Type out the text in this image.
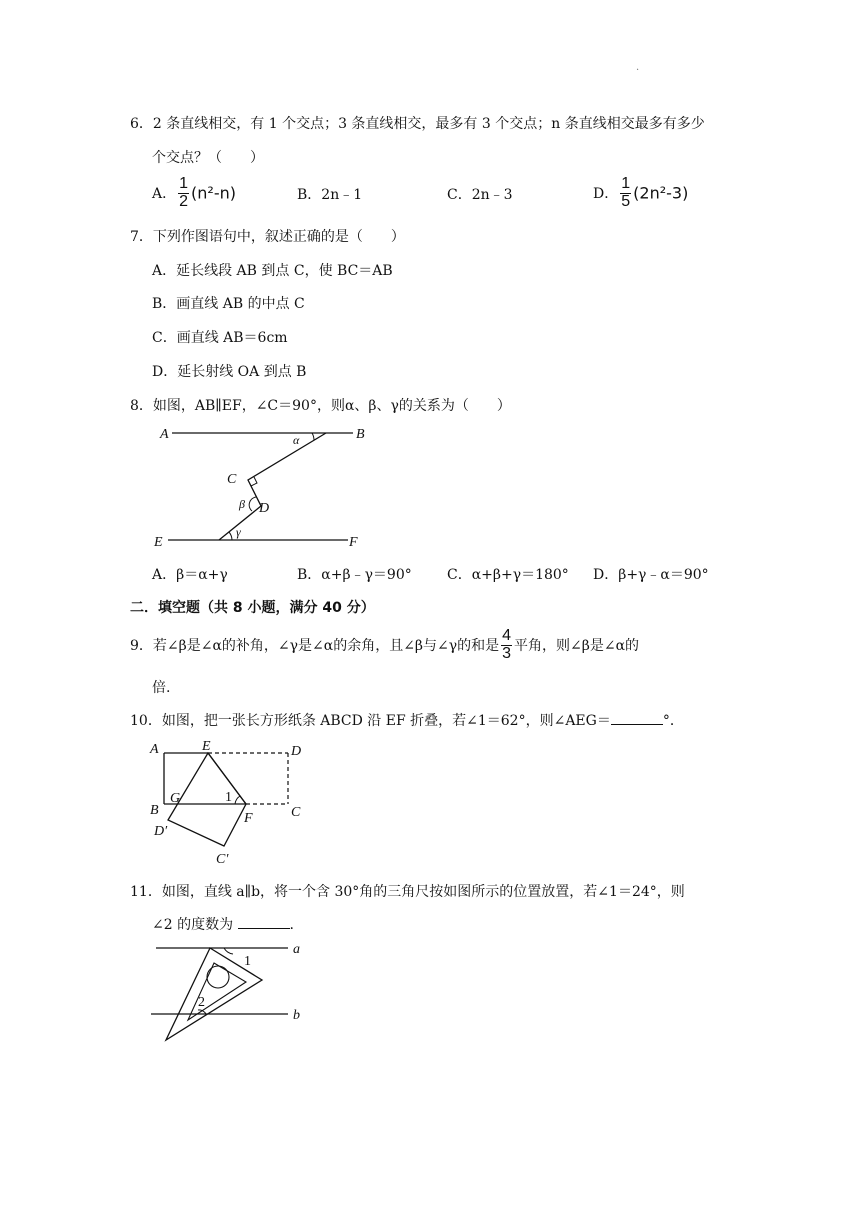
.
6．2 条直线相交，有 1 个交点；3 条直线相交，最多有 3 个交点；n 条直线相交最多有多少
个交点？（　　）
A． $\frac{1}{2} (n^2-n)$	B．2n﹣1	C．2n﹣3	D． $\frac{1}{5} (2n^2-3)$
7．下列作图语句中，叙述正确的是（　　）
A．延长线段 AB 到点 C，使 BC＝AB
B．画直线 AB 的中点 C
C．画直线 AB＝6cm
D．延长射线 OA 到点 B
8．如图，AB∥EF，∠C＝90°，则α、β、γ的关系为（　　）
A	B
α
C
β D
γ
E	F
A．β＝α+γ	B．α+β﹣γ＝90°	C．α+β+γ＝180° D．β+γ﹣α＝90°
二．填空题（共 8 小题，满分 40 分）
9．若∠β是∠α的补角，∠γ是∠α的余角，且∠β与∠γ的和是 $\frac{4}{3}$ 平角，则∠β是∠α的
倍.
10．如图，把一张长方形纸条 ABCD 沿 EF 折叠，若∠1＝62°，则∠AEG＝	°．
A	E	D
B
G	1
C
F
D′
C′
11．如图，直线 a∥b，将一个含 30°角的三角尺按如图所示的位置放置，若∠1＝24°，则
∠2 的度数为	.
a
b
1
2
